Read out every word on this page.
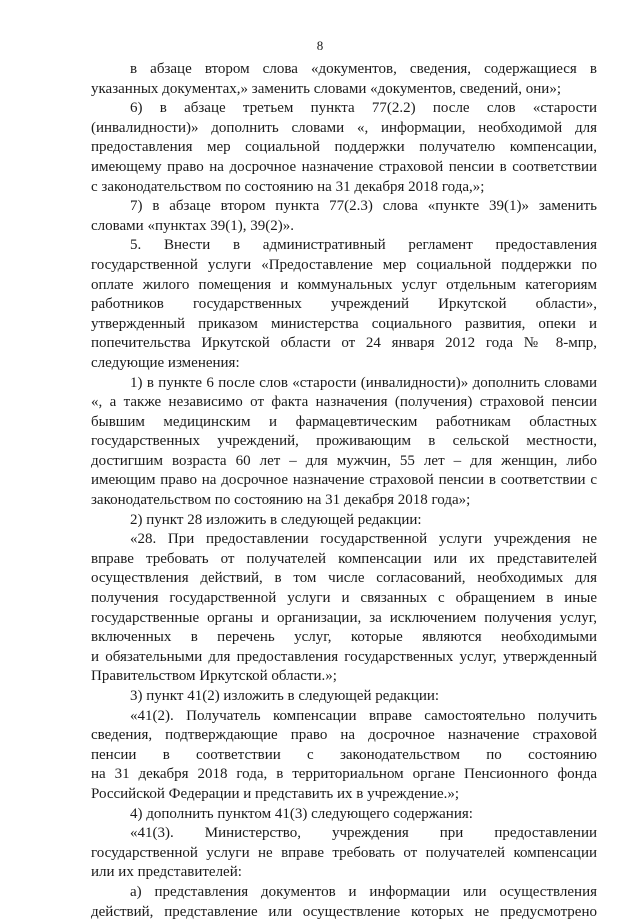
8
в абзаце втором слова «документов, сведения, содержащиеся в
указанных документах,» заменить словами «документов, сведений, они»;
6) в абзаце третьем пункта 77(2.2) после слов «старости
(инвалидности)» дополнить словами «, информации, необходимой для
предоставления мер социальной поддержки получателю компенсации,
имеющему право на досрочное назначение страховой пенсии в соответствии
с законодательством по состоянию на 31 декабря 2018 года,»;
7) в абзаце втором пункта 77(2.3) слова «пункте 39(1)» заменить
словами «пунктах 39(1), 39(2)».
5. Внести в административный регламент предоставления
государственной услуги «Предоставление мер социальной поддержки по
оплате жилого помещения и коммунальных услуг отдельным категориям
работников государственных учреждений Иркутской области»,
утвержденный приказом министерства социального развития, опеки и
попечительства Иркутской области от 24 января 2012 года № 8-мпр,
следующие изменения:
1) в пункте 6 после слов «старости (инвалидности)» дополнить словами
«, а также независимо от факта назначения (получения) страховой пенсии
бывшим медицинским и фармацевтическим работникам областных
государственных учреждений, проживающим в сельской местности,
достигшим возраста 60 лет – для мужчин, 55 лет – для женщин, либо
имеющим право на досрочное назначение страховой пенсии в соответствии с
законодательством по состоянию на 31 декабря 2018 года»;
2) пункт 28 изложить в следующей редакции:
«28. При предоставлении государственной услуги учреждения не
вправе требовать от получателей компенсации или их представителей
осуществления действий, в том числе согласований, необходимых для
получения государственной услуги и связанных с обращением в иные
государственные органы и организации, за исключением получения услуг,
включенных в перечень услуг, которые являются необходимыми
и обязательными для предоставления государственных услуг, утвержденный
Правительством Иркутской области.»;
3) пункт 41(2) изложить в следующей редакции:
«41(2). Получатель компенсации вправе самостоятельно получить
сведения, подтверждающие право на досрочное назначение страховой
пенсии в соответствии с законодательством по состоянию
на 31 декабря 2018 года, в территориальном органе Пенсионного фонда
Российской Федерации и представить их в учреждение.»;
4) дополнить пунктом 41(3) следующего содержания:
«41(3). Министерство, учреждения при предоставлении
государственной услуги не вправе требовать от получателей компенсации
или их представителей:
а) представления документов и информации или осуществления
действий, представление или осуществление которых не предусмотрено
